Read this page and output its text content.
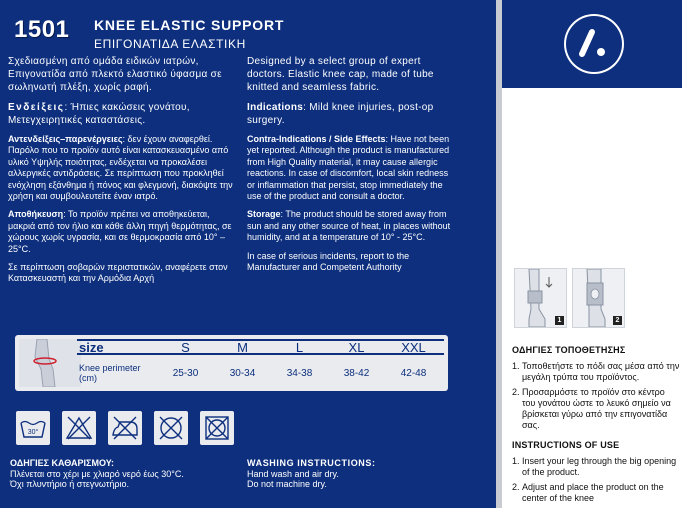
1501 KNEE ELASTIC SUPPORT
ΕΠΙΓΟΝΑΤΙΔΑ ΕΛΑΣΤΙΚΗ
Σχεδιασμένη από ομάδα ειδικών ιατρών, Επιγονατίδα από πλεκτό ελαστικό ύφασμα σε σωληνωτή πλέξη, χωρίς ραφή.
Ενδείξεις: Ήπιες κακώσεις γονάτου, Μετεγχειρητικές καταστάσεις.
Αντενδείξεις–παρενέργειες: δεν έχουν αναφερθεί. Παρόλο που το προϊόν αυτό είναι κατασκευασμένο από υλικό Υψηλής ποιότητας, ενδέχεται να προκαλέσει αλλεργικές αντιδράσεις. Σε περίπτωση που προκληθεί ενόχληση εξάνθημα ή πόνος και φλεγμονή, διακόψτε την χρήση και συμβουλευτείτε έναν ιατρό.
Αποθήκευση: Το προϊόν πρέπει να αποθηκεύεται, μακριά από τον ήλιο και κάθε άλλη πηγή θερμότητας, σε χώρους χωρίς υγρασία, και σε θερμοκρασία από 10° – 25°C.
Σε περίπτωση σοβαρών περιστατικών, αναφέρετε στον Κατασκευαστή και την Αρμόδια Αρχή
Designed by a select group of expert doctors. Elastic knee cap, made of tube knitted and seamless fabric.
Indications: Mild knee injuries, post-op surgery.
Contra-Indications / Side Effects: Have not been yet reported. Although the product is manufactured from High Quality material, it may cause allergic reactions. In case of discomfort, local skin redness or inflammation that persist, stop immediately the use of the product and consult a doctor.
Storage: The product should be stored away from sun and any other source of heat, in places without humidity, and at a temperature of 10° - 25°C.
In case of serious incidents, report to the Manufacturer and Competent Authority
size	S	M	L	XL	XXL
Knee perimeter (cm)	25-30	30-34	34-38	38-42	42-48
30°
ΟΔΗΓΙΕΣ ΚΑΘΑΡΙΣΜΟΥ:
Πλένεται στο χέρι με χλιαρό νερό έως 30°C.
Όχι πλυντήριο ή στεγνωτήριο.
WASHING INSTRUCTIONS:
Hand wash and air dry.
Do not machine dry.
1	2
ΟΔΗΓΙΕΣ ΤΟΠΟΘΕΤΗΣΗΣ
1. Τοποθετήστε το πόδι σας μέσα από την μεγάλη τρύπα του προϊόντος.
2. Προσαρμόστε το προϊόν στο κέντρο του γονάτου ώστε το λευκό σημείο να βρίσκεται γύρω από την επιγονατίδα σας.
INSTRUCTIONS OF USE
1. Insert your leg through the big opening of the product.
2. Adjust and place the product on the center of the knee
